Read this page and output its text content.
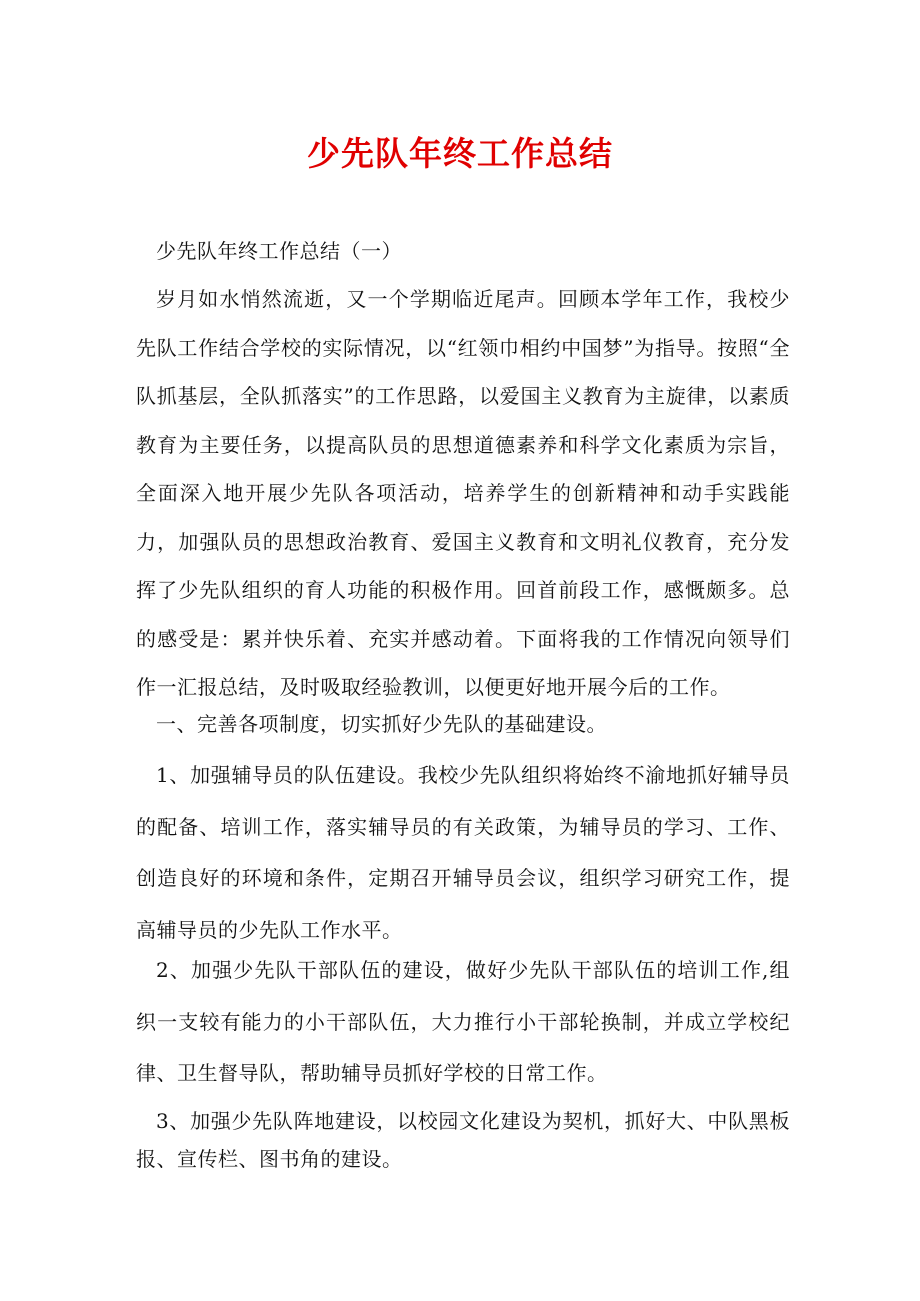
少先队年终工作总结

少先队年终工作总结（一）

岁月如水悄然流逝，又一个学期临近尾声。回顾本学年工作，我校少先队工作结合学校的实际情况，以“红领巾相约中国梦”为指导。按照“全队抓基层，全队抓落实”的工作思路，以爱国主义教育为主旋律，以素质教育为主要任务，以提高队员的思想道德素养和科学文化素质为宗旨，全面深入地开展少先队各项活动，培养学生的创新精神和动手实践能力，加强队员的思想政治教育、爱国主义教育和文明礼仪教育，充分发挥了少先队组织的育人功能的积极作用。回首前段工作，感慨颇多。总的感受是：累并快乐着、充实并感动着。下面将我的工作情况向领导们作一汇报总结，及时吸取经验教训，以便更好地开展今后的工作。

一、完善各项制度，切实抓好少先队的基础建设。

1、加强辅导员的队伍建设。我校少先队组织将始终不渝地抓好辅导员的配备、培训工作，落实辅导员的有关政策，为辅导员的学习、工作、创造良好的环境和条件，定期召开辅导员会议，组织学习研究工作，提高辅导员的少先队工作水平。

2、加强少先队干部队伍的建设，做好少先队干部队伍的培训工作,组织一支较有能力的小干部队伍，大力推行小干部轮换制，并成立学校纪律、卫生督导队，帮助辅导员抓好学校的日常工作。

3、加强少先队阵地建设，以校园文化建设为契机，抓好大、中队黑板报、宣传栏、图书角的建设。
